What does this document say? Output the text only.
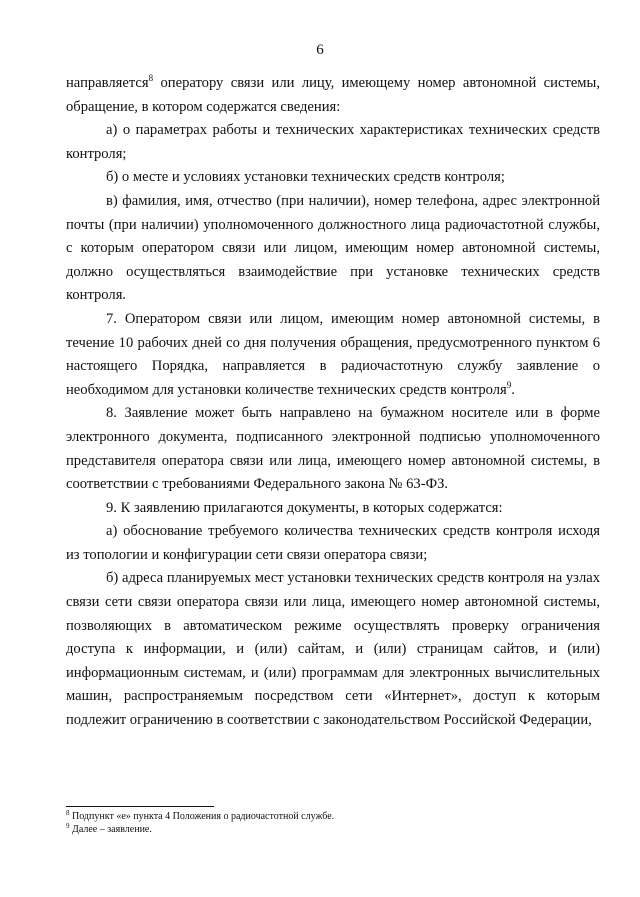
6

направляется$^8$ оператору связи или лицу, имеющему номер автономной системы, обращение, в котором содержатся сведения:

а) о параметрах работы и технических характеристиках технических средств контроля;

б) о месте и условиях установки технических средств контроля;

в) фамилия, имя, отчество (при наличии), номер телефона, адрес электронной почты (при наличии) уполномоченного должностного лица радиочастотной службы, с которым оператором связи или лицом, имеющим номер автономной системы, должно осуществляться взаимодействие при установке технических средств контроля.

7. Оператором связи или лицом, имеющим номер автономной системы, в течение 10 рабочих дней со дня получения обращения, предусмотренного пунктом 6 настоящего Порядка, направляется в радиочастотную службу заявление о необходимом для установки количестве технических средств контроля$^9$.

8. Заявление может быть направлено на бумажном носителе или в форме электронного документа, подписанного электронной подписью уполномоченного представителя оператора связи или лица, имеющего номер автономной системы, в соответствии с требованиями Федерального закона № 63-ФЗ.

9. К заявлению прилагаются документы, в которых содержатся:

а) обоснование требуемого количества технических средств контроля исходя из топологии и конфигурации сети связи оператора связи;

б) адреса планируемых мест установки технических средств контроля на узлах связи сети связи оператора связи или лица, имеющего номер автономной системы, позволяющих в автоматическом режиме осуществлять проверку ограничения доступа к информации, и (или) сайтам, и (или) страницам сайтов, и (или) информационным системам, и (или) программам для электронных вычислительных машин, распространяемым посредством сети «Интернет», доступ к которым подлежит ограничению в соответствии с законодательством Российской Федерации,

$^8$ Подпункт «е» пункта 4 Положения о радиочастотной службе.

$^9$ Далее – заявление.
